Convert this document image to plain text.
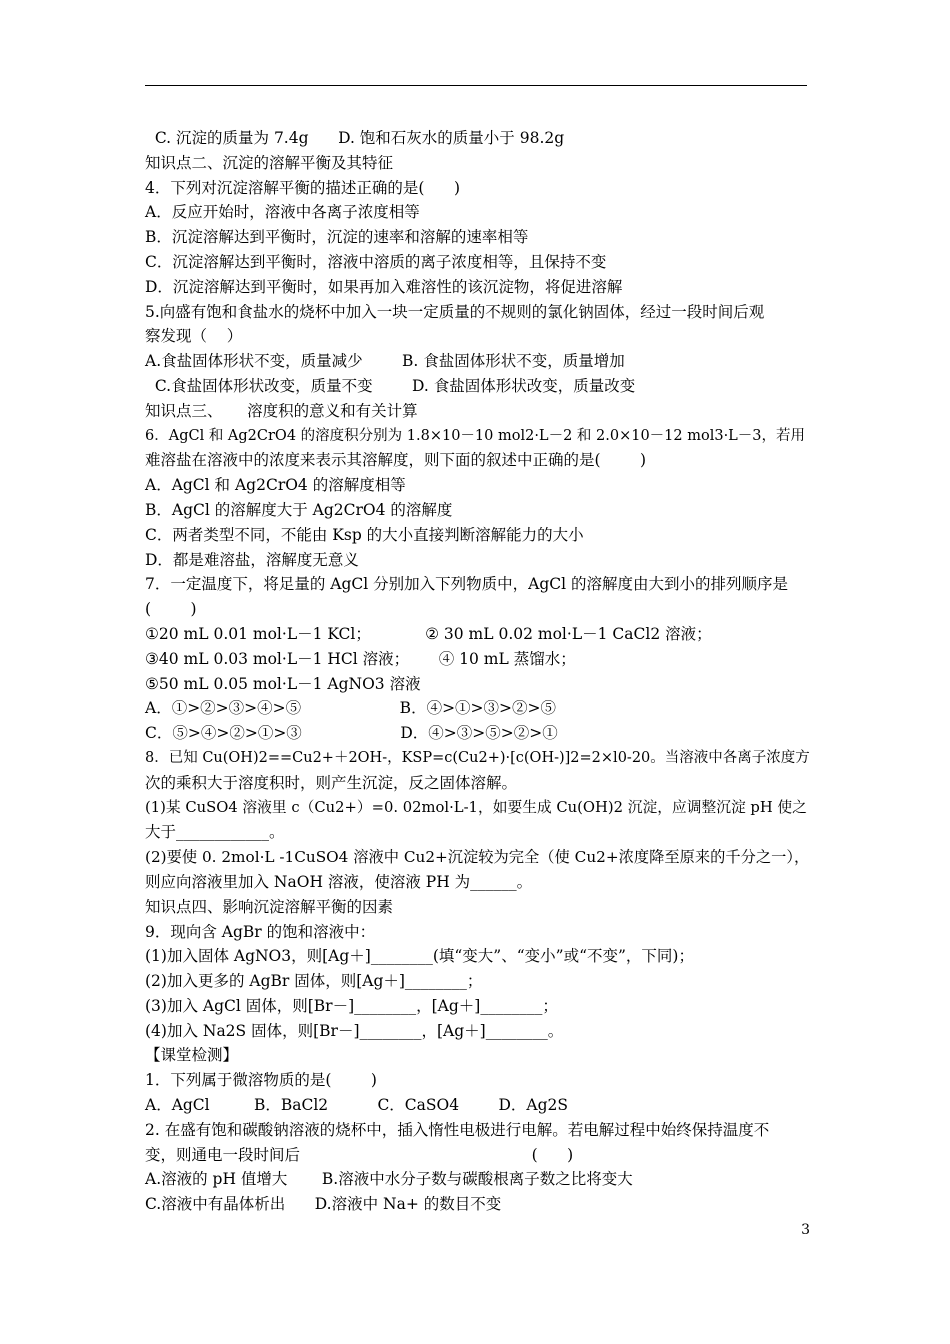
C. 沉淀的质量为 7.4g      D. 饱和石灰水的质量小于 98.2g
知识点二、沉淀的溶解平衡及其特征
4．下列对沉淀溶解平衡的描述正确的是(      )
A．反应开始时，溶液中各离子浓度相等
B．沉淀溶解达到平衡时，沉淀的速率和溶解的速率相等
C．沉淀溶解达到平衡时，溶液中溶质的离子浓度相等，且保持不变
D．沉淀溶解达到平衡时，如果再加入难溶性的该沉淀物，将促进溶解
5.向盛有饱和食盐水的烧杯中加入一块一定质量的不规则的氯化钠固体，经过一段时间后观
察发现（    ）
A.食盐固体形状不变，质量减少        B. 食盐固体形状不变，质量增加
C.食盐固体形状改变，质量不变        D. 食盐固体形状改变，质量改变
知识点三、     溶度积的意义和有关计算
6．AgCl 和 Ag2CrO4 的溶度积分别为 1.8×10－10 mol2·L－2 和 2.0×10－12 mol3·L－3，若用
难溶盐在溶液中的浓度来表示其溶解度，则下面的叙述中正确的是(        )
A．AgCl 和 Ag2CrO4 的溶解度相等
B．AgCl 的溶解度大于 Ag2CrO4 的溶解度
C．两者类型不同，不能由 Ksp 的大小直接判断溶解能力的大小
D．都是难溶盐，溶解度无意义
7．一定温度下，将足量的 AgCl 分别加入下列物质中，AgCl 的溶解度由大到小的排列顺序是
(        )
①20 mL 0.01 mol·L－1 KCl；           ② 30 mL 0.02 mol·L－1 CaCl2 溶液；
③40 mL 0.03 mol·L－1 HCl 溶液；      ④ 10 mL 蒸馏水；
⑤50 mL 0.05 mol·L－1 AgNO3 溶液
A．①>②>③>④>⑤                    B．④>①>③>②>⑤
C．⑤>④>②>①>③                    D．④>③>⑤>②>①
8．已知 Cu(OH)2==Cu2+＋2OH-，KSP=c(Cu2+)·[c(OH-)]2=2×l0-20。当溶液中各离子浓度方
次的乘积大于溶度积时，则产生沉淀，反之固体溶解。
(1)某 CuSO4 溶液里 c（Cu2+）=0. 02mol·L-1，如要生成 Cu(OH)2 沉淀，应调整沉淀 pH 使之
大于____________。
(2)要使 0. 2mol·L -1CuSO4 溶液中 Cu2+沉淀较为完全（使 Cu2+浓度降至原来的千分之一），
则应向溶液里加入 NaOH 溶液，使溶液 PH 为______。
知识点四、影响沉淀溶解平衡的因素
9．现向含 AgBr 的饱和溶液中：
(1)加入固体 AgNO3，则[Ag＋]________(填“变大”、“变小”或“不变”，下同)；
(2)加入更多的 AgBr 固体，则[Ag＋]________；
(3)加入 AgCl 固体，则[Br－]________，[Ag＋]________；
(4)加入 Na2S 固体，则[Br－]________，[Ag＋]________。
【课堂检测】
1．下列属于微溶物质的是(        )
A．AgCl         B．BaCl2          C．CaSO4        D．Ag2S
2. 在盛有饱和碳酸钠溶液的烧杯中，插入惰性电极进行电解。若电解过程中始终保持温度不
变，则通电一段时间后                                               (      )
A.溶液的 pH 值增大       B.溶液中水分子数与碳酸根离子数之比将变大
C.溶液中有晶体析出      D.溶液中 Na+ 的数目不变
3
